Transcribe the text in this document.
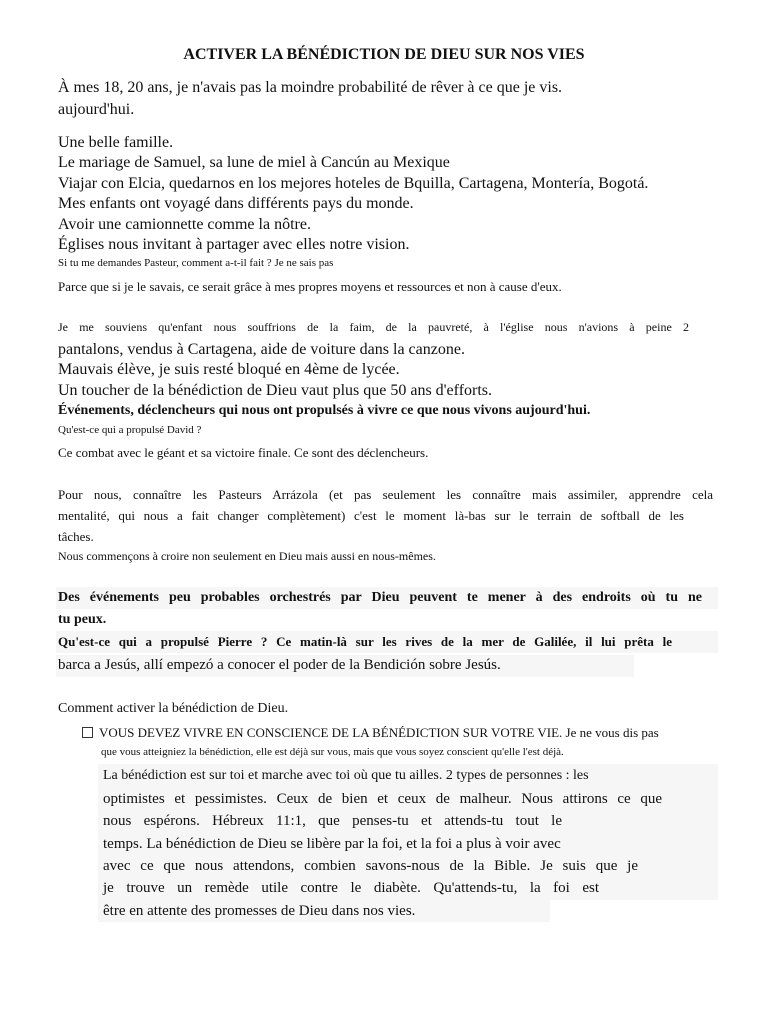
ACTIVER LA BÉNÉDICTION DE DIEU SUR NOS VIES
À mes 18, 20 ans, je n'avais pas la moindre probabilité de rêver à ce que je vis.
aujourd'hui.
Une belle famille.
Le mariage de Samuel, sa lune de miel à Cancún au Mexique
Viajar con Elcia, quedarnos en los mejores hoteles de Bquilla, Cartagena, Montería, Bogotá.
Mes enfants ont voyagé dans différents pays du monde.
Avoir une camionnette comme la nôtre.
Églises nous invitant à partager avec elles notre vision.
Si tu me demandes Pasteur, comment a-t-il fait ? Je ne sais pas
Parce que si je le savais, ce serait grâce à mes propres moyens et ressources et non à cause d'eux.
Je me souviens qu'enfant nous souffrions de la faim, de la pauvreté, à l'église nous n'avions à peine 2
pantalons, vendus à Cartagena, aide de voiture dans la canzone.
Mauvais élève, je suis resté bloqué en 4ème de lycée.
Un toucher de la bénédiction de Dieu vaut plus que 50 ans d'efforts.
Événements, déclencheurs qui nous ont propulsés à vivre ce que nous vivons aujourd'hui.
Qu'est-ce qui a propulsé David ?
Ce combat avec le géant et sa victoire finale. Ce sont des déclencheurs.
Pour nous, connaître les Pasteurs Arrázola (et pas seulement les connaître mais assimiler, apprendre cela
mentalité, qui nous a fait changer complètement) c'est le moment là-bas sur le terrain de softball de les
tâches.
Nous commençons à croire non seulement en Dieu mais aussi en nous-mêmes.
Des événements peu probables orchestrés par Dieu peuvent te mener à des endroits où tu ne
tu peux.
Qu'est-ce qui a propulsé Pierre ? Ce matin-là sur les rives de la mer de Galilée, il lui prêta le
barca a Jesús, allí empezó a conocer el poder de la Bendición sobre Jesús.
Comment activer la bénédiction de Dieu.
VOUS DEVEZ VIVRE EN CONSCIENCE DE LA BÉNÉDICTION SUR VOTRE VIE. Je ne vous dis pas
que vous atteigniez la bénédiction, elle est déjà sur vous, mais que vous soyez conscient qu'elle l'est déjà.
La bénédiction est sur toi et marche avec toi où que tu ailles. 2 types de personnes : les
optimistes et pessimistes. Ceux de bien et ceux de malheur. Nous attirons ce que
nous espérons. Hébreux 11:1, que penses-tu et attends-tu tout le
temps. La bénédiction de Dieu se libère par la foi, et la foi a plus à voir avec
avec ce que nous attendons, combien savons-nous de la Bible. Je suis que je
je trouve un remède utile contre le diabète. Qu'attends-tu, la foi est
être en attente des promesses de Dieu dans nos vies.
